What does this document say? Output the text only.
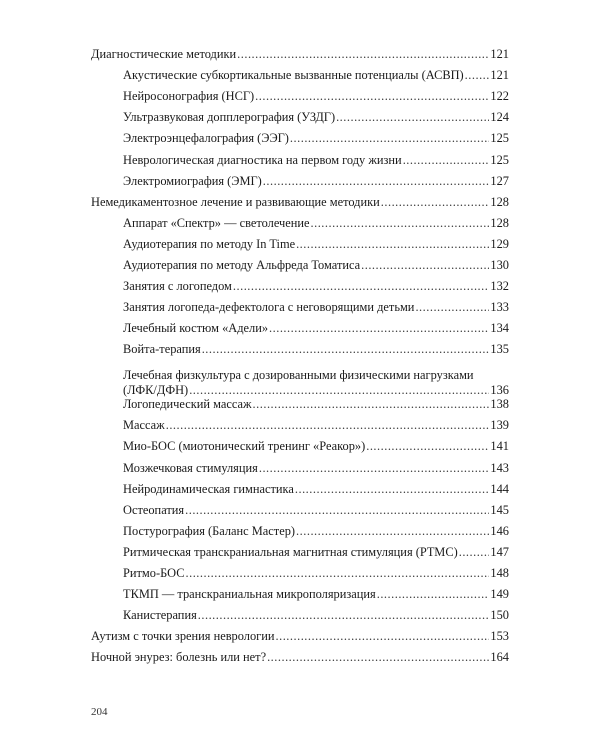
Диагностические методики .....	121
Акустические субкортикальные вызванные потенциалы (АСВП) ..... 121
Нейросонография (НСГ) .....	122
Ультразвуковая допплерография (УЗДГ) .....	124
Электроэнцефалография (ЭЭГ) .....	125
Неврологическая диагностика на первом году жизни .....	125
Электромиография (ЭМГ) .....	127
Немедикаментозное лечение и развивающие методики .....	128
Аппарат «Спектр» — светолечение .....	128
Аудиотерапия по методу In Time .....	129
Аудиотерапия по методу Альфреда Томатиса .....	130
Занятия с логопедом .....	132
Занятия логопеда-дефектолога с неговорящими детьми .....	133
Лечебный костюм «Адели» .....	134
Войта-терапия .....	135
Лечебная физкультура с дозированными физическими нагрузками
(ЛФК/ДФН) .....	136
Логопедический массаж .....	138
Массаж .....	139
Мио-БОС (миотонический тренинг «Реакор») .....	141
Мозжечковая стимуляция .....	143
Нейродинамическая гимнастика .....	144
Остеопатия .....	145
Постурография (Баланс Мастер) .....	146
Ритмическая транскраниальная магнитная стимуляция (РТМС) .....	147
Ритмо-БОС .....	148
ТКМП — транскраниальная микрополяризация .....	149
Канистерапия .....	150
Аутизм с точки зрения неврологии .....	153
Ночной энурез: болезнь или нет? .....	164
204
